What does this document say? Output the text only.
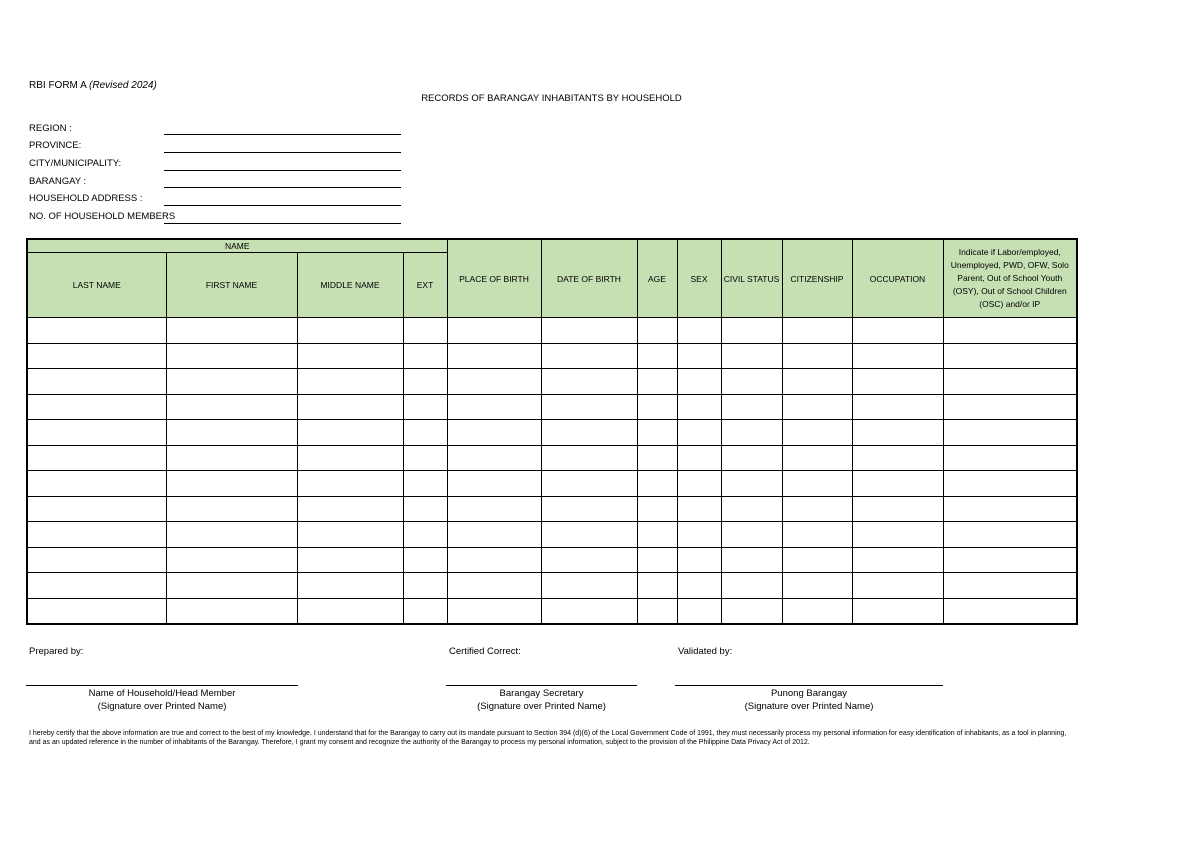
RBI FORM A (Revised 2024)
RECORDS OF BARANGAY INHABITANTS BY HOUSEHOLD
REGION :
PROVINCE:
CITY/MUNICIPALITY:
BARANGAY :
HOUSEHOLD ADDRESS :
NO. OF HOUSEHOLD MEMBERS
NAME				PLACE OF BIRTH	DATE OF BIRTH	AGE	SEX	CIVIL STATUS	CITIZENSHIP	OCCUPATION	Indicate if Labor/employed, Unemployed, PWD, OFW, Solo Parent, Out of School Youth (OSY), Out of School Children (OSC) and/or IP
LAST NAME	FIRST NAME	MIDDLE NAME	EXT								

Prepared by:	Certified Correct:	Validated by:
Name of Household/Head Member
(Signature over Printed Name)
Barangay Secretary
(Signature over Printed Name)
Punong Barangay
(Signature over Printed Name)
I hereby certify that the above information are true and correct to the best of my knowledge. I understand that for the Barangay to carry out its mandate pursuant to Section 394 (d)(6) of the Local Government Code of 1991, they must necessarily process my personal information for easy identification of inhabitants, as a tool in planning, and as an updated reference in the number of inhabitants of the Barangay. Therefore, I grant my consent and recognize the authority of the Barangay to process my personal information, subject to the provision of the Philippine Data Privacy Act of 2012.
